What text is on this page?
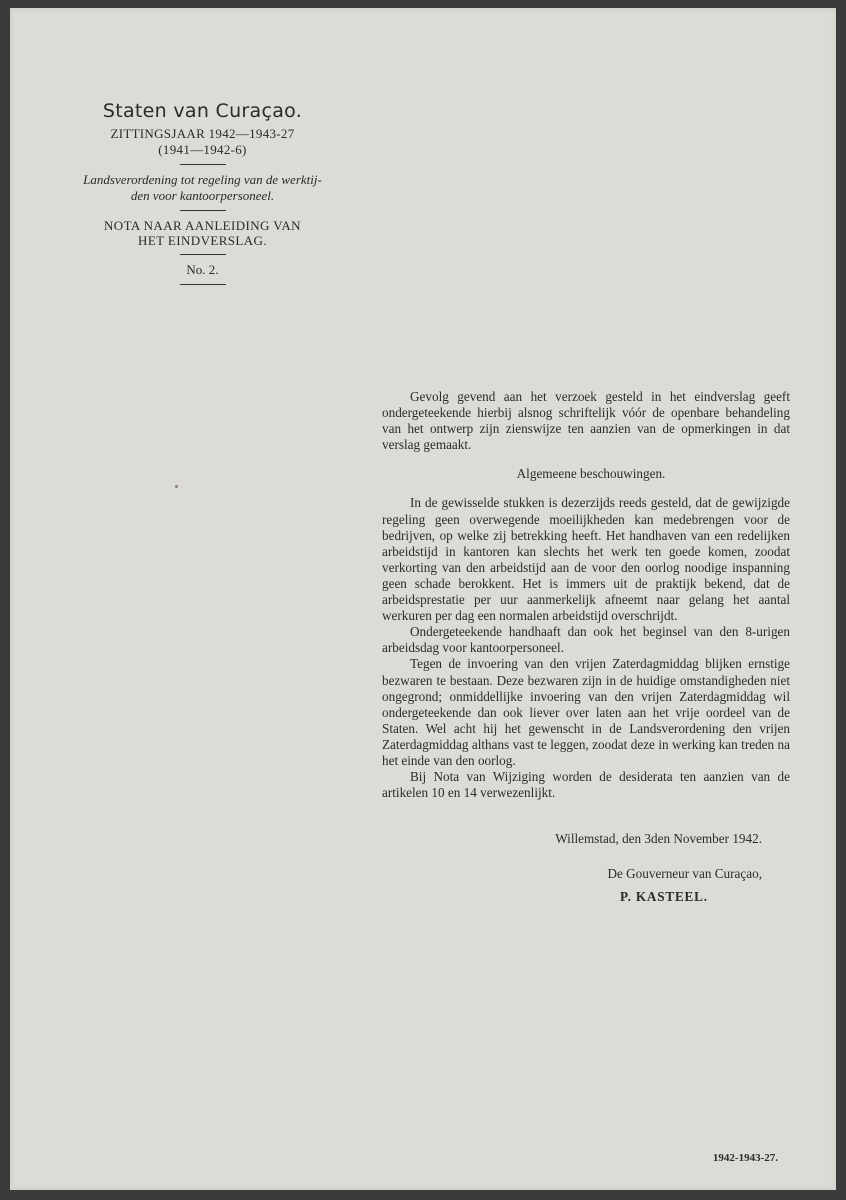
Staten van Curaçao.
ZITTINGSJAAR 1942—1943-27
(1941—1942-6)
Landsverordening tot regeling van de werktij-
den voor kantoorpersoneel.
NOTA NAAR AANLEIDING VAN
HET EINDVERSLAG.
No. 2.

Gevolg gevend aan het verzoek gesteld in het eindverslag geeft ondergeteekende hierbij alsnog schriftelijk vóór de openbare behandeling van het ontwerp zijn zienswijze ten aanzien van de opmerkingen in dat verslag gemaakt.

Algemeene beschouwingen.

In de gewisselde stukken is dezerzijds reeds gesteld, dat de gewijzigde regeling geen overwegende moeilijkheden kan medebrengen voor de bedrijven, op welke zij betrekking heeft. Het handhaven van een redelijken arbeidstijd in kantoren kan slechts het werk ten goede komen, zoodat verkorting van den arbeidstijd aan de voor den oorlog noodige inspanning geen schade berokkent. Het is immers uit de praktijk bekend, dat de arbeidsprestatie per uur aanmerkelijk afneemt naar gelang het aantal werkuren per dag een normalen arbeidstijd overschrijdt.

Ondergeteekende handhaaft dan ook het beginsel van den 8-urigen arbeidsdag voor kantoorpersoneel.

Tegen de invoering van den vrijen Zaterdagmiddag blijken ernstige bezwaren te bestaan. Deze bezwaren zijn in de huidige omstandigheden niet ongegrond; onmiddellijke invoering van den vrijen Zaterdagmiddag wil ondergeteekende dan ook liever over laten aan het vrije oordeel van de Staten. Wel acht hij het gewenscht in de Landsverordening den vrijen Zaterdagmiddag althans vast te leggen, zoodat deze in werking kan treden na het einde van den oorlog.

Bij Nota van Wijziging worden de desiderata ten aanzien van de artikelen 10 en 14 verwezenlijkt.

Willemstad, den 3den November 1942.
De Gouverneur van Curaçao,
P. KASTEEL.
1942-1943-27.
